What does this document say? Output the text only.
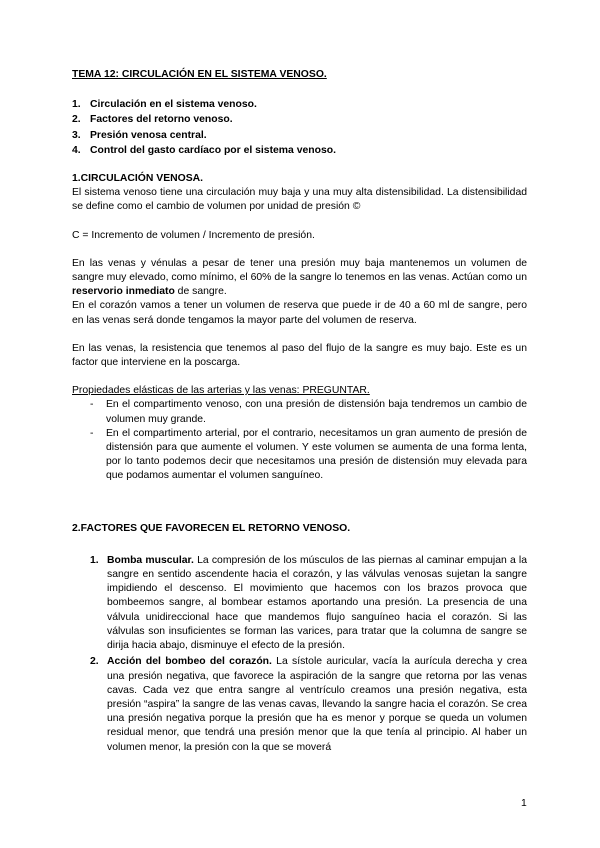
TEMA 12: CIRCULACIÓN EN EL SISTEMA VENOSO.
1. Circulación en el sistema venoso.
2. Factores del retorno venoso.
3. Presión venosa central.
4. Control del gasto cardíaco por el sistema venoso.
1.CIRCULACIÓN VENOSA.

El sistema venoso tiene una circulación muy baja y una muy alta distensibilidad. La distensibilidad se define como el cambio de volumen por unidad de presión ©

C = Incremento de volumen / Incremento de presión.

En las venas y vénulas a pesar de tener una presión muy baja mantenemos un volumen de sangre muy elevado, como mínimo, el 60% de la sangre lo tenemos en las venas. Actúan como un reservorio inmediato de sangre.

En el corazón vamos a tener un volumen de reserva que puede ir de 40 a 60 ml de sangre, pero en las venas será donde tengamos la mayor parte del volumen de reserva.

En las venas, la resistencia que tenemos al paso del flujo de la sangre es muy bajo. Este es un factor que interviene en la poscarga.

Propiedades elásticas de las arterias y las venas: PREGUNTAR.

- En el compartimento venoso, con una presión de distensión baja tendremos un cambio de volumen muy grande.

- En el compartimento arterial, por el contrario, necesitamos un gran aumento de presión de distensión para que aumente el volumen. Y este volumen se aumenta de una forma lenta, por lo tanto podemos decir que necesitamos una presión de distensión muy elevada para que podamos aumentar el volumen sanguíneo.

2.FACTORES QUE FAVORECEN EL RETORNO VENOSO.
1. Bomba muscular. La compresión de los músculos de las piernas al caminar empujan a la sangre en sentido ascendente hacia el corazón, y las válvulas venosas sujetan la sangre impidiendo el descenso. El movimiento que hacemos con los brazos provoca que bombeemos sangre, al bombear estamos aportando una presión. La presencia de una válvula unidireccional hace que mandemos flujo sanguíneo hacia el corazón. Si las válvulas son insuficientes se forman las varices, para tratar que la columna de sangre se dirija hacia abajo, disminuye el efecto de la presión.
2. Acción del bombeo del corazón. La sístole auricular, vacía la aurícula derecha y crea una presión negativa, que favorece la aspiración de la sangre que retorna por las venas cavas. Cada vez que entra sangre al ventrículo creamos una presión negativa, esta presión “aspira” la sangre de las venas cavas, llevando la sangre hacia el corazón. Se crea una presión negativa porque la presión que ha es menor y porque se queda un volumen residual menor, que tendrá una presión menor que la que tenía al principio. Al haber un volumen menor, la presión con la que se moverá
1
